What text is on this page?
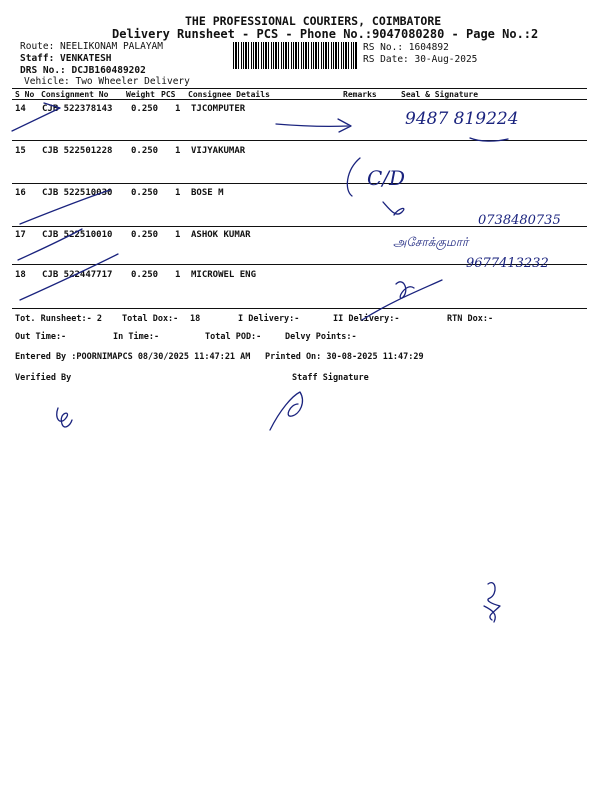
THE PROFESSIONAL COURIERS, COIMBATORE
Delivery Runsheet - PCS - Phone No.:9047080280 - Page No.:2
Route: NEELIKONAM PALAYAM
Staff: VENKATESH
DRS No.: DCJB160489202
Vehicle: Two Wheeler Delivery
RS No.: 1604892
RS Date: 30-Aug-2025
S No Consignment No Weight PCS Consignee Details	Remarks	Seal & Signature
14 CJB 522378143 0.250 1 TJCOMPUTER
15 CJB 522501228 0.250 1 VIJYAKUMAR
16 CJB 522510030 0.250 1 BOSE M
17 CJB 522510010 0.250 1 ASHOK KUMAR
18 CJB 522447717 0.250 1 MICROWEL ENG
Tot. Runsheet:- 2 Total Dox:- 18	I Delivery:-	II Delivery:-	RTN Dox:-
Out Time:-	In Time:-	Total POD:-	Delvy Points:-
Entered By :POORNIMAPCS 08/30/2025 11:47:21 AM Printed On: 30-08-2025 11:47:29
Verified By	Staff Signature
9487 819224
C/D
0738480735
அசோக்குமார்
9677413232
